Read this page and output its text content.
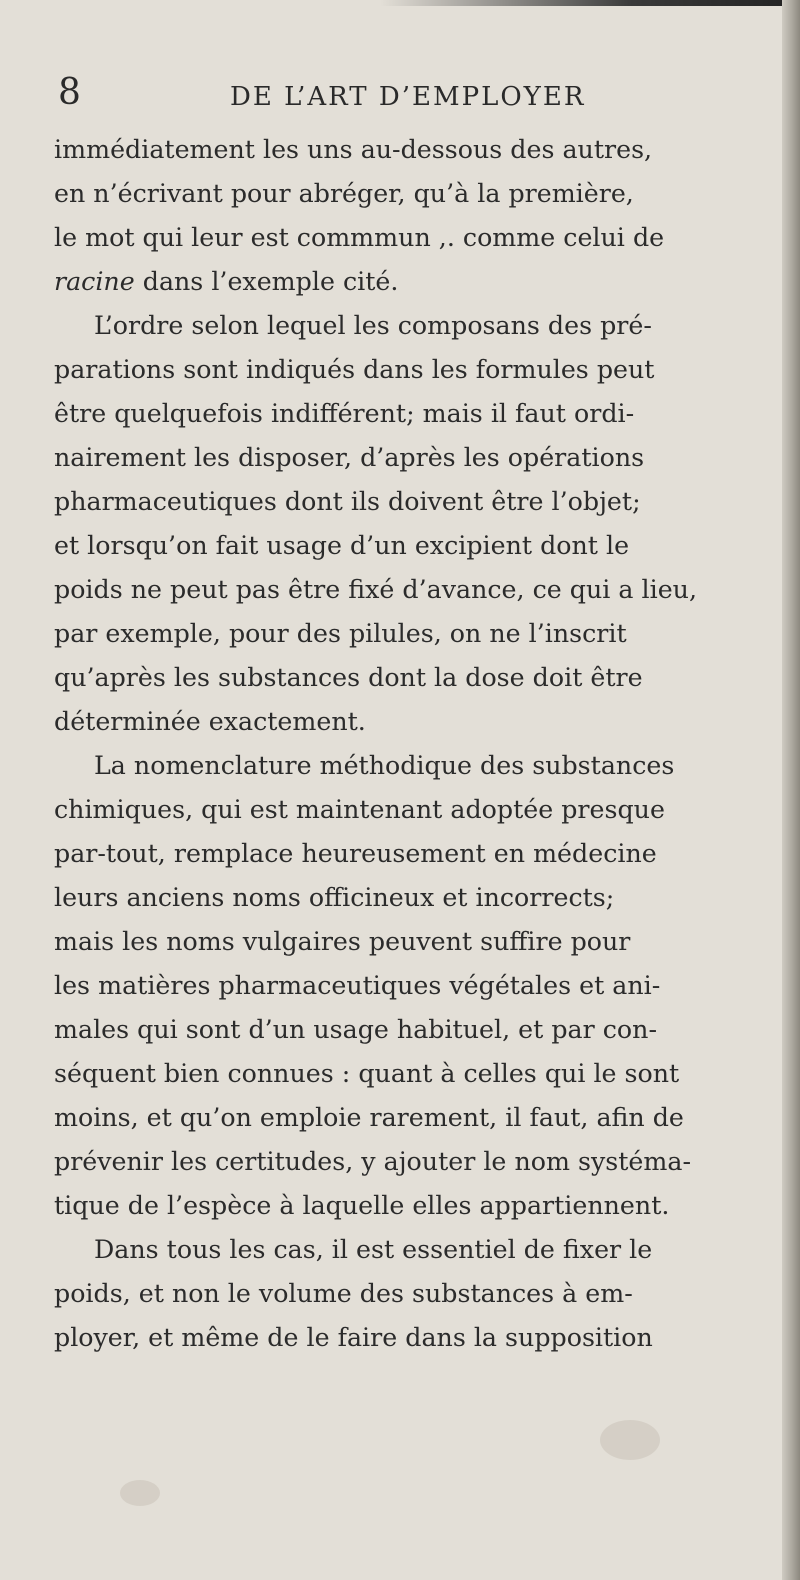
8	DE L’ART D’EMPLOYER
immédiatement les uns au-dessous des autres,
en n’écrivant pour abréger, qu’à la première,
le mot qui leur est commmun ,. comme celui de
racine dans l’exemple cité.
L’ordre selon lequel les composans des pré-
parations sont indiqués dans les formules peut
être quelquefois indifférent; mais il faut ordi-
nairement les disposer, d’après les opérations
pharmaceutiques dont ils doivent être l’objet;
et lorsqu’on fait usage d’un excipient dont le
poids ne peut pas être fixé d’avance, ce qui a lieu,
par exemple, pour des pilules, on ne l’inscrit
qu’après les substances dont la dose doit être
déterminée exactement.
La nomenclature méthodique des substances
chimiques, qui est maintenant adoptée presque
par-tout, remplace heureusement en médecine
leurs anciens noms officineux et incorrects;
mais les noms vulgaires peuvent suffire pour
les matières pharmaceutiques végétales et ani-
males qui sont d’un usage habituel, et par con-
séquent bien connues : quant à celles qui le sont
moins, et qu’on emploie rarement, il faut, afin de
prévenir les certitudes, y ajouter le nom systéma-
tique de l’espèce à laquelle elles appartiennent.
Dans tous les cas, il est essentiel de fixer le
poids, et non le volume des substances à em-
ployer, et même de le faire dans la supposition
